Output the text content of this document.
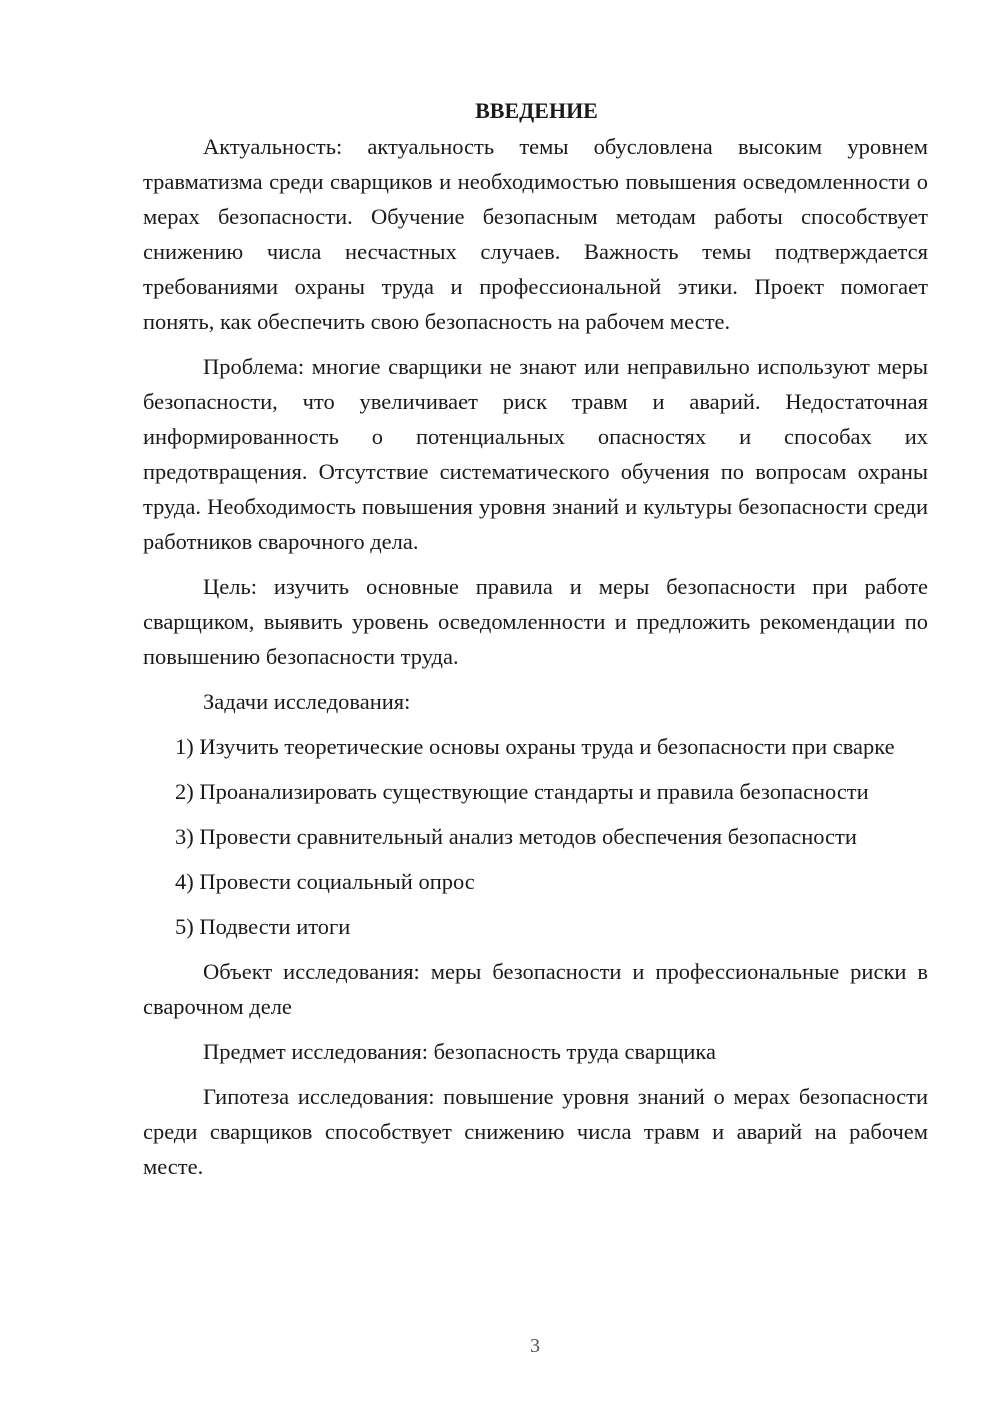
ВВЕДЕНИЕ

Актуальность: актуальность темы обусловлена высоким уровнем травматизма среди сварщиков и необходимостью повышения осведомленности о мерах безопасности. Обучение безопасным методам работы способствует снижению числа несчастных случаев. Важность темы подтверждается требованиями охраны труда и профессиональной этики. Проект помогает понять, как обеспечить свою безопасность на рабочем месте.

Проблема: многие сварщики не знают или неправильно используют меры безопасности, что увеличивает риск травм и аварий. Недостаточная информированность о потенциальных опасностях и способах их предотвращения. Отсутствие систематического обучения по вопросам охраны труда. Необходимость повышения уровня знаний и культуры безопасности среди работников сварочного дела.

Цель: изучить основные правила и меры безопасности при работе сварщиком, выявить уровень осведомленности и предложить рекомендации по повышению безопасности труда.

Задачи исследования:

1) Изучить теоретические основы охраны труда и безопасности при сварке

2) Проанализировать существующие стандарты и правила безопасности

3) Провести сравнительный анализ методов обеспечения безопасности

4) Провести социальный опрос

5) Подвести итоги

Объект исследования: меры безопасности и профессиональные риски в сварочном деле

Предмет исследования: безопасность труда сварщика

Гипотеза исследования: повышение уровня знаний о мерах безопасности среди сварщиков способствует снижению числа травм и аварий на рабочем месте.

3
